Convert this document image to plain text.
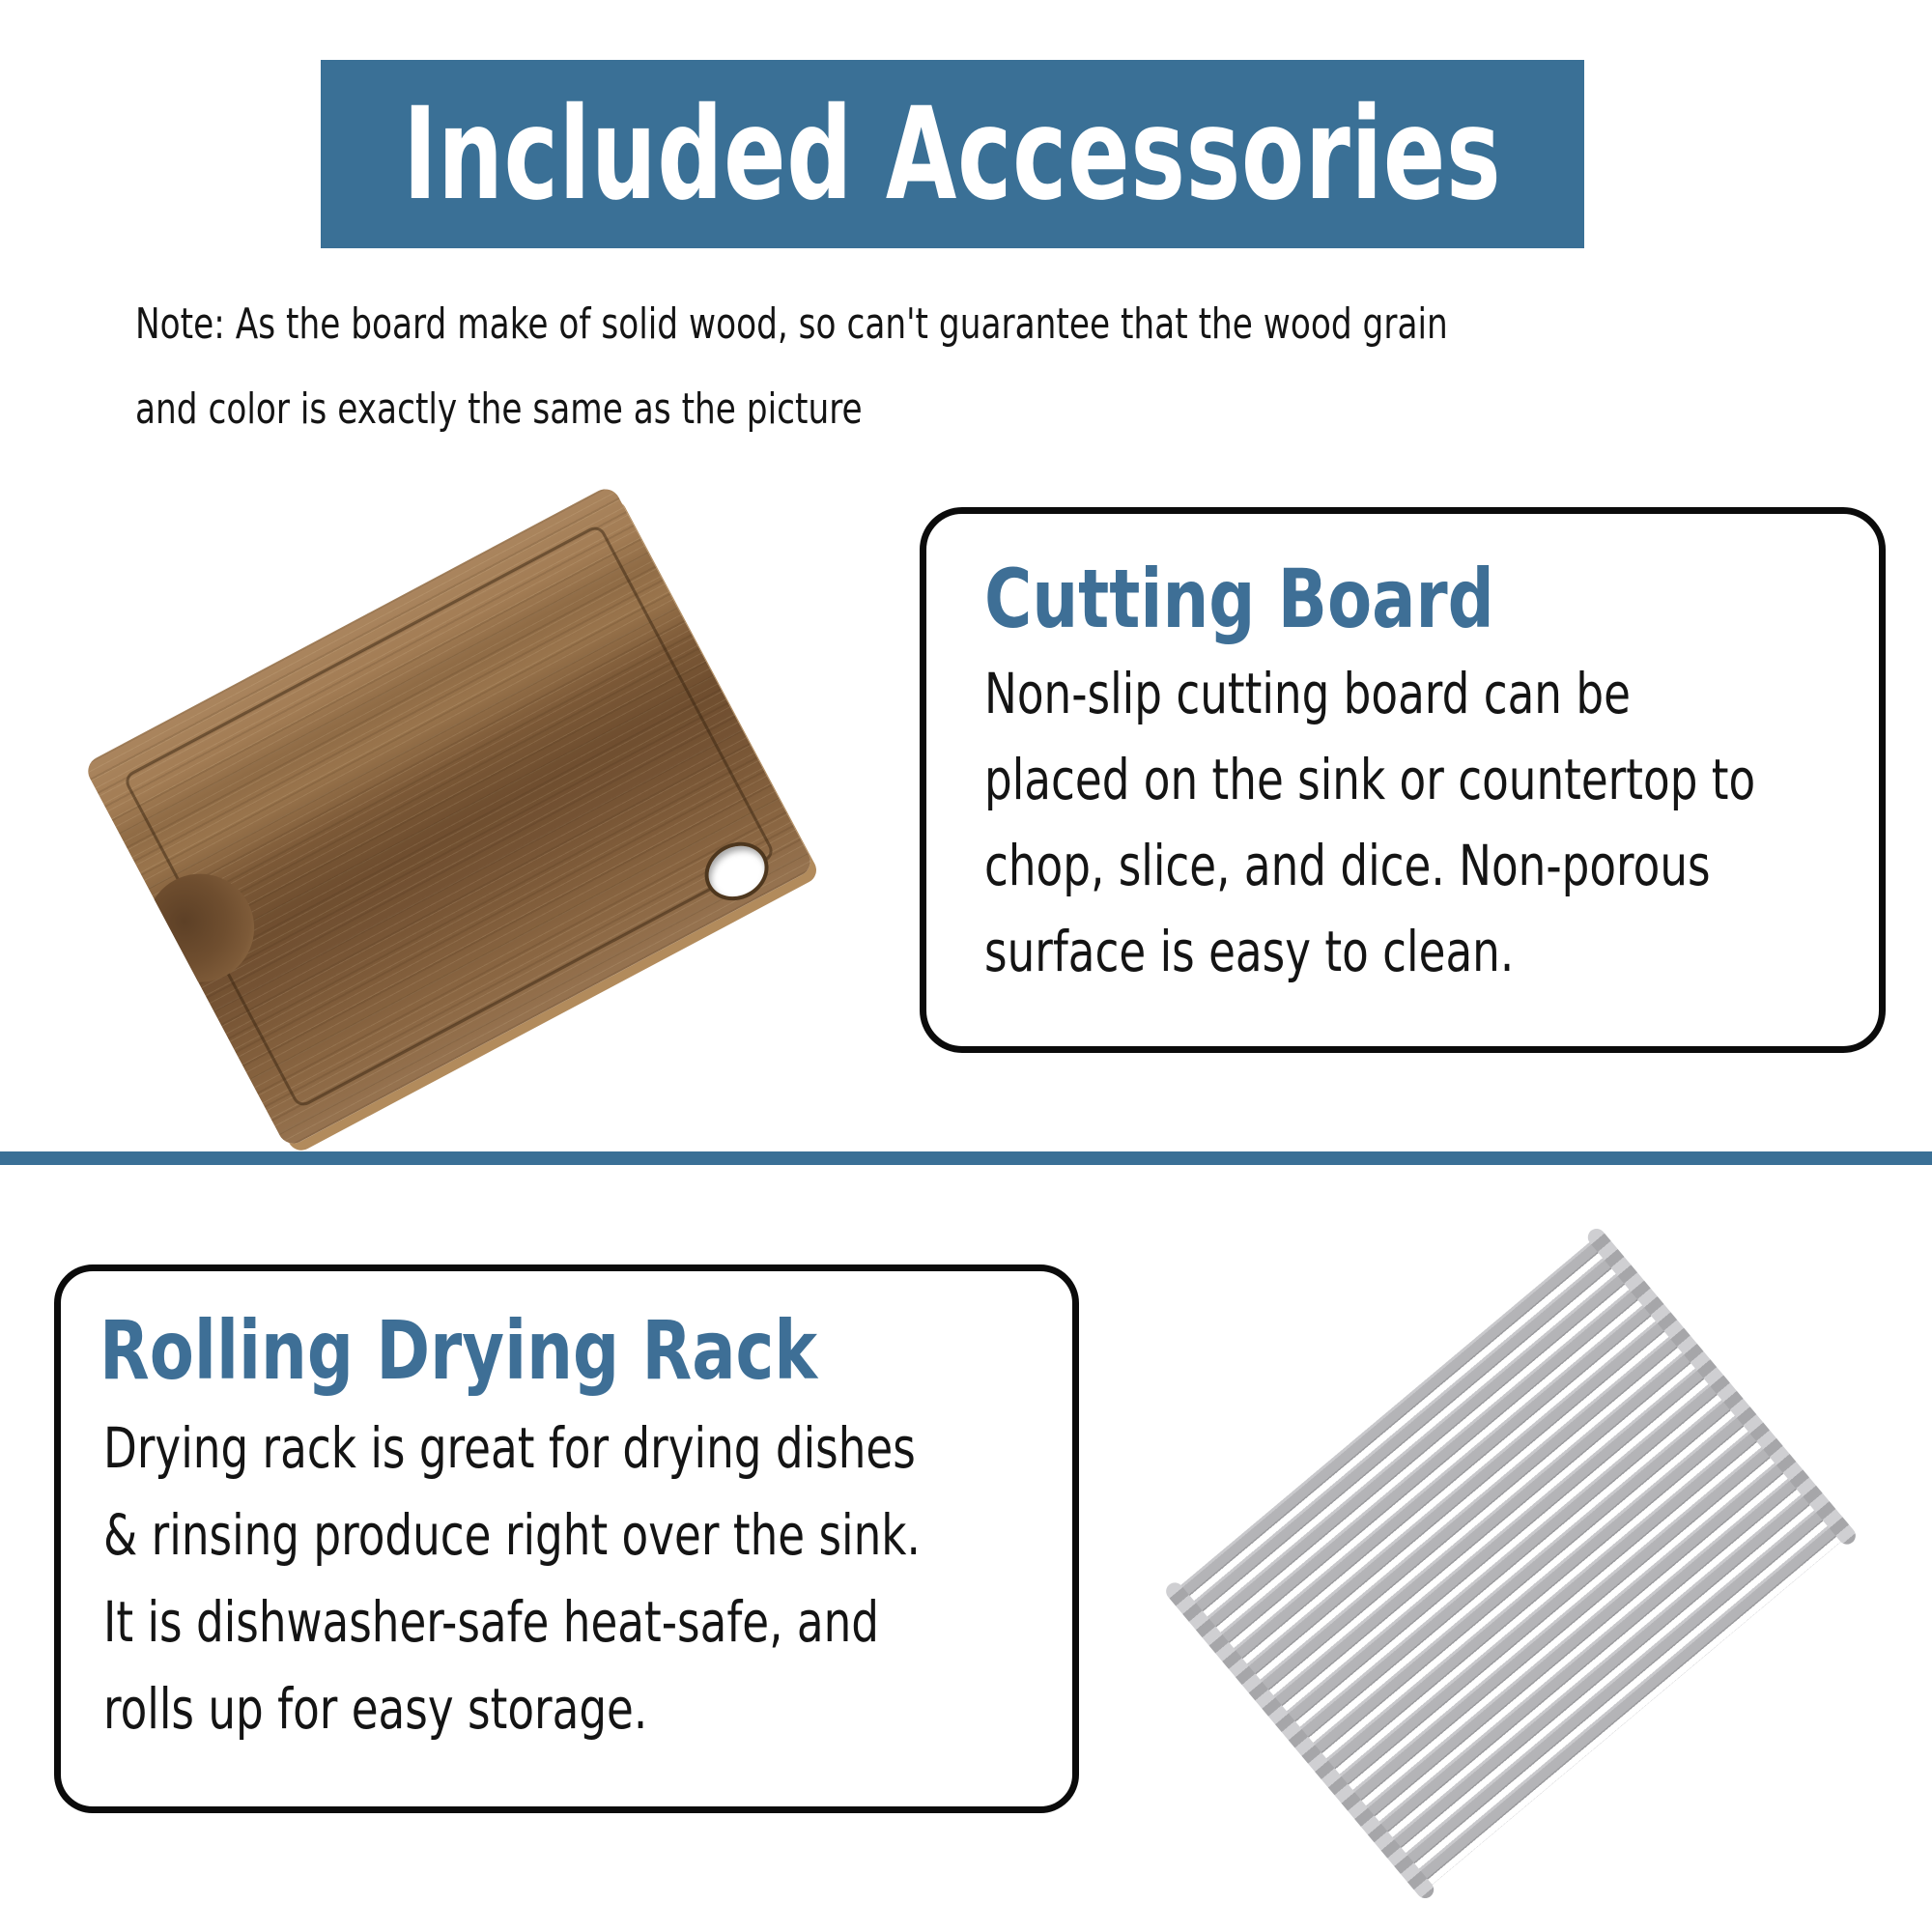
Included Accessories

Note: As the board make of solid wood, so can't guarantee that the wood grain
and color is exactly the same as the picture

Cutting Board
Non-slip cutting board can be
placed on the sink or countertop to
chop, slice, and dice. Non-porous
surface is easy to clean.
Rolling Drying Rack
Drying rack is great for drying dishes
& rinsing produce right over the sink.
It is dishwasher-safe heat-safe, and
rolls up for easy storage.
